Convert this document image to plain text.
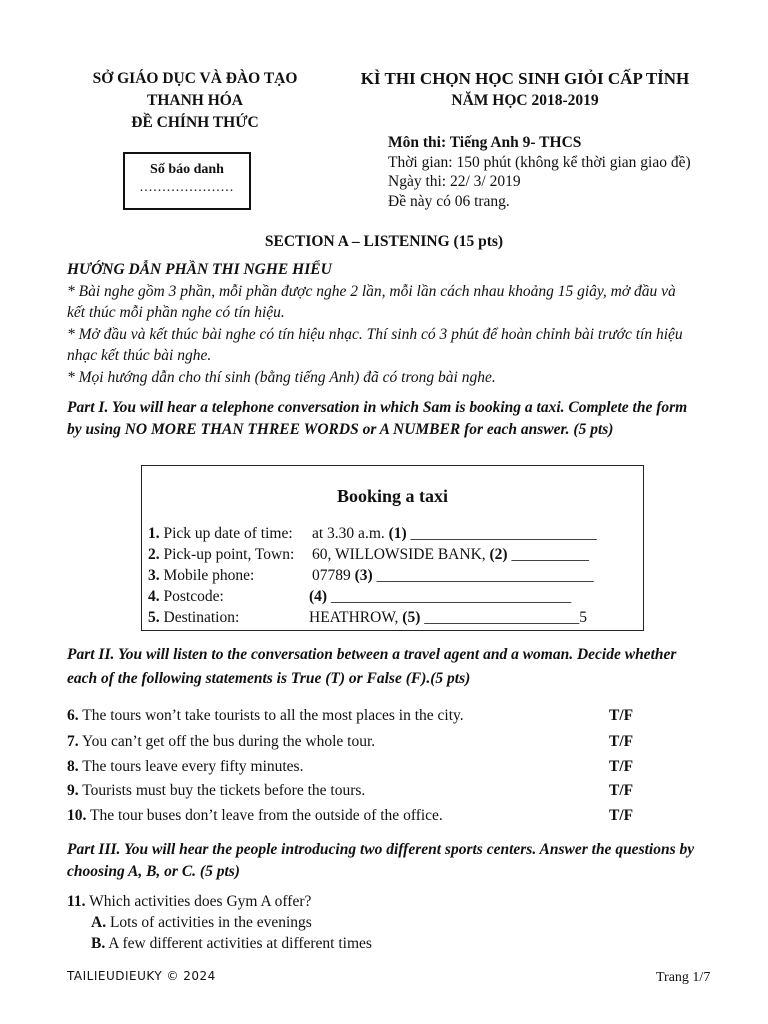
SỞ GIÁO DỤC VÀ ĐÀO TẠO
THANH HÓA
ĐỀ CHÍNH THỨC
KÌ THI CHỌN HỌC SINH GIỎI CẤP TỈNH
NĂM HỌC 2018-2019
Số báo danh
.....................
Môn thi: Tiếng Anh 9- THCS
Thời gian: 150 phút (không kể thời gian giao đề)
Ngày thi: 22/ 3/ 2019
Đề này có 06 trang.
SECTION A – LISTENING (15 pts)
HƯỚNG DẪN PHẦN THI NGHE HIỂU
* Bài nghe gồm 3 phần, mỗi phần được nghe 2 lần, mỗi lần cách nhau khoảng 15 giây, mở đầu và
kết thúc mỗi phần nghe có tín hiệu.
* Mở đầu và kết thúc bài nghe có tín hiệu nhạc. Thí sinh có 3 phút để hoàn chỉnh bài trước tín hiệu
nhạc kết thúc bài nghe.
* Mọi hướng dẫn cho thí sinh (bằng tiếng Anh) đã có trong bài nghe.
Part I. You will hear a telephone conversation in which Sam is booking a taxi. Complete the form
by using NO MORE THAN THREE WORDS or A NUMBER for each answer. (5 pts)
Booking a taxi
1. Pick up date of time: at 3.30 a.m. (1) ________________________
2. Pick-up point, Town: 60, WILLOWSIDE BANK, (2) __________
3. Mobile phone:	07789 (3) ____________________________
4. Postcode:	(4) _______________________________
5. Destination:	HEATHROW, (5) ____________________5
Part II. You will listen to the conversation between a travel agent and a woman. Decide whether
each of the following statements is True (T) or False (F).(5 pts)
6. The tours won’t take tourists to all the most places in the city.	T/F
7. You can’t get off the bus during the whole tour.	T/F
8. The tours leave every fifty minutes.	T/F
9. Tourists must buy the tickets before the tours.	T/F
10. The tour buses don’t leave from the outside of the office.	T/F
Part III. You will hear the people introducing two different sports centers. Answer the questions by
choosing A, B, or C. (5 pts)
11. Which activities does Gym A offer?
A. Lots of activities in the evenings
B. A few different activities at different times
TAILIEUDIEUKY © 2024	Trang 1/7
